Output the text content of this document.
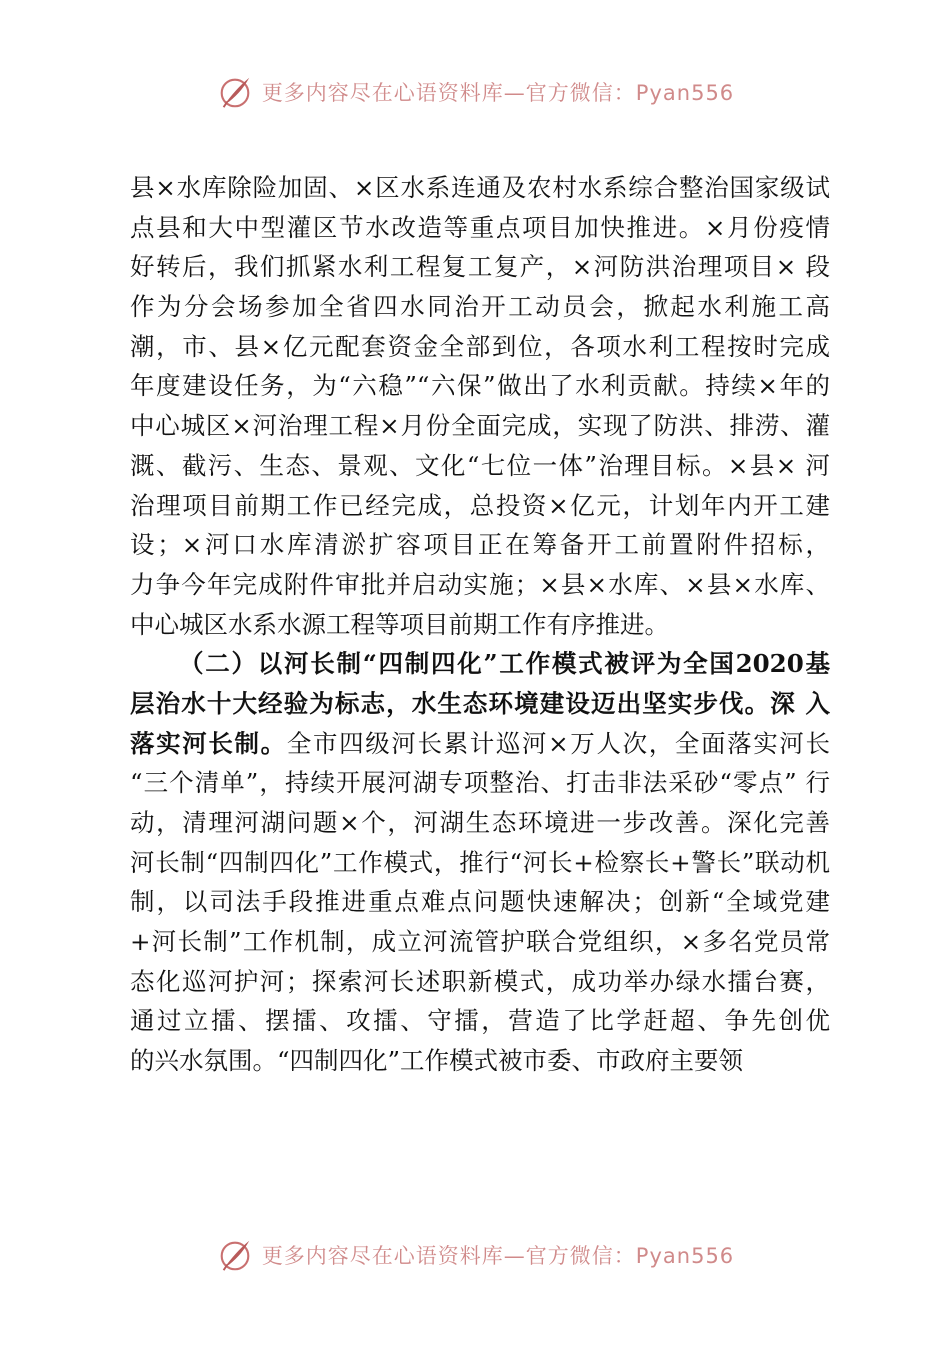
更多内容尽在心语资料库—官方微信：Pyan556
县×水库除险加固、×区水系连通及农村水系综合整治国家级试
点县和大中型灌区节水改造等重点项目加快推进。×月份疫情
好转后，我们抓紧水利工程复工复产，×河防洪治理项目× 段
作为分会场参加全省四水同治开工动员会，掀起水利施工高
潮，市、县×亿元配套资金全部到位，各项水利工程按时完成
年度建设任务，为“六稳”“六保”做出了水利贡献。持续×年的
中心城区×河治理工程×月份全面完成，实现了防洪、排涝、灌
溉、截污、生态、景观、文化“七位一体”治理目标。×县× 河
治理项目前期工作已经完成，总投资×亿元，计划年内开工建
设；×河口水库清淤扩容项目正在筹备开工前置附件招标，
力争今年完成附件审批并启动实施；×县×水库、×县×水库、
中心城区水系水源工程等项目前期工作有序推进。
（二）以河长制“四制四化”工作模式被评为全国2020基
层治水十大经验为标志，水生态环境建设迈出坚实步伐。深 入
落实河长制。全市四级河长累计巡河×万人次，全面落实河长
“三个清单”，持续开展河湖专项整治、打击非法采砂“零点” 行
动，清理河湖问题×个，河湖生态环境进一步改善。深化完善
河长制“四制四化”工作模式，推行“河长+检察长+警长”联动机
制，以司法手段推进重点难点问题快速解决；创新“全域党建
+河长制”工作机制，成立河流管护联合党组织，×多名党员常
态化巡河护河；探索河长述职新模式，成功举办绿水擂台赛，
通过立擂、摆擂、攻擂、守擂，营造了比学赶超、争先创优
的兴水氛围。“四制四化”工作模式被市委、市政府主要领
更多内容尽在心语资料库—官方微信：Pyan556
